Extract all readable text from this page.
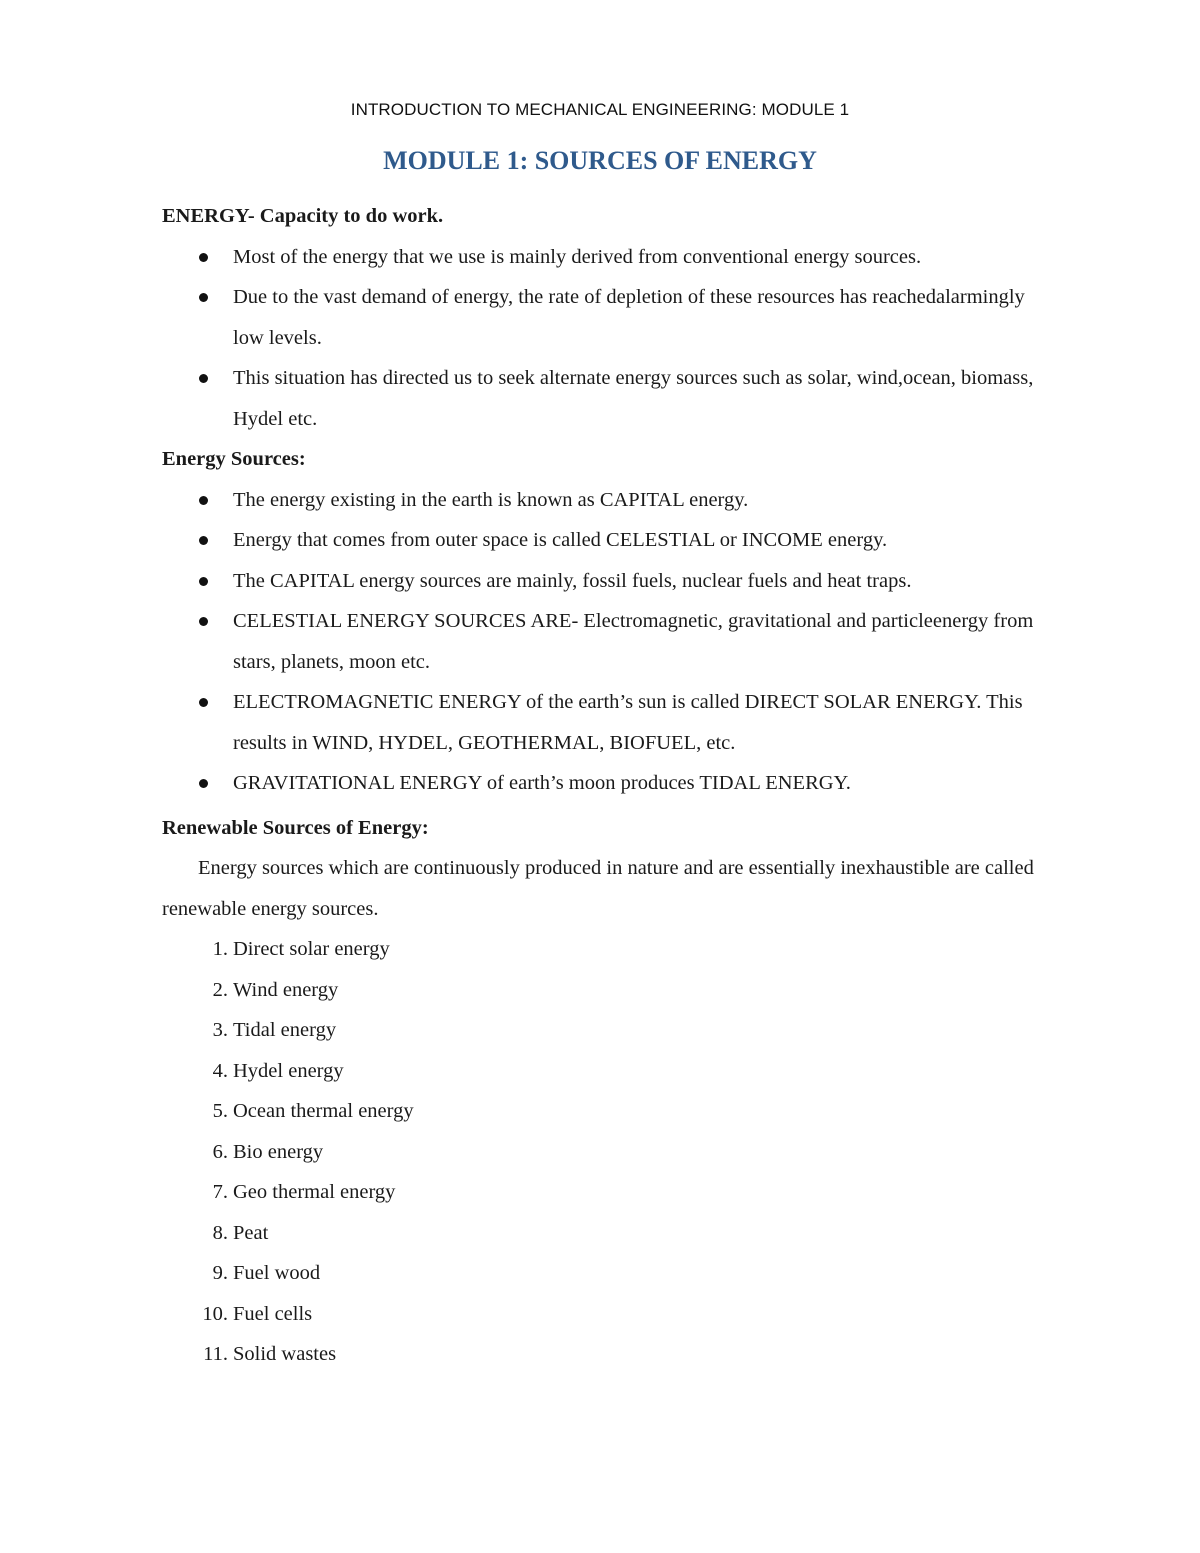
INTRODUCTION TO MECHANICAL ENGINEERING: MODULE 1
MODULE 1: SOURCES OF ENERGY

ENERGY- Capacity to do work.

Most of the energy that we use is mainly derived from conventional energy sources.
Due to the vast demand of energy, the rate of depletion of these resources has reachedalarmingly low levels.
This situation has directed us to seek alternate energy sources such as solar, wind,ocean, biomass, Hydel etc.

Energy Sources:

The energy existing in the earth is known as CAPITAL energy.
Energy that comes from outer space is called CELESTIAL or INCOME energy.
The CAPITAL energy sources are mainly, fossil fuels, nuclear fuels and heat traps.
CELESTIAL ENERGY SOURCES ARE- Electromagnetic, gravitational and particleenergy from stars, planets, moon etc.
ELECTROMAGNETIC ENERGY of the earth’s sun is called DIRECT SOLAR ENERGY. This results in WIND, HYDEL, GEOTHERMAL, BIOFUEL, etc.
GRAVITATIONAL ENERGY of earth’s moon produces TIDAL ENERGY.

Renewable Sources of Energy:

Energy sources which are continuously produced in nature and are essentially inexhaustible are called renewable energy sources.

1. Direct solar energy
2. Wind energy
3. Tidal energy
4. Hydel energy
5. Ocean thermal energy
6. Bio energy
7. Geo thermal energy
8. Peat
9. Fuel wood
10. Fuel cells
11. Solid wastes
